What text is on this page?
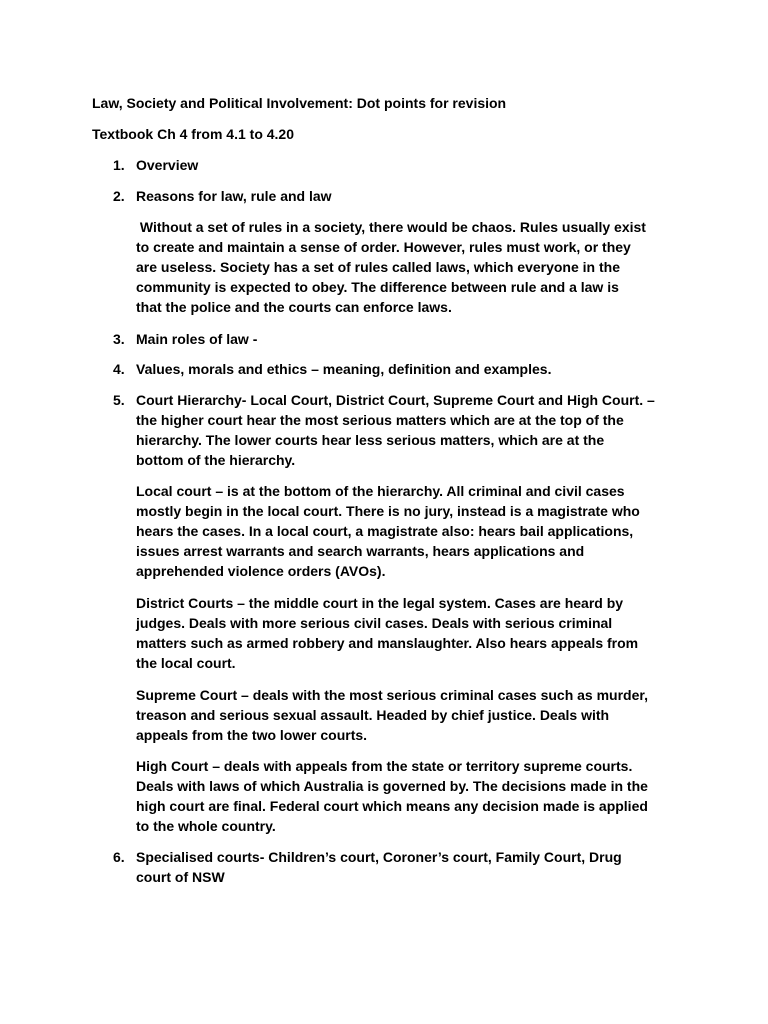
Law, Society and Political Involvement: Dot points for revision
Textbook Ch 4 from 4.1 to 4.20
1. Overview
2. Reasons for law, rule and law

Without a set of rules in a society, there would be chaos. Rules usually exist

to create and maintain a sense of order. However, rules must work, or they

are useless. Society has a set of rules called laws, which everyone in the

community is expected to obey. The difference between rule and a law is

that the police and the courts can enforce laws.

3. Main roles of law -
4. Values, morals and ethics – meaning, definition and examples.
5. Court Hierarchy- Local Court, District Court, Supreme Court and High Court. –

the higher court hear the most serious matters which are at the top of the

hierarchy. The lower courts hear less serious matters, which are at the

bottom of the hierarchy.

Local court – is at the bottom of the hierarchy. All criminal and civil cases

mostly begin in the local court. There is no jury, instead is a magistrate who

hears the cases. In a local court, a magistrate also: hears bail applications,

issues arrest warrants and search warrants, hears applications and

apprehended violence orders (AVOs).

District Courts – the middle court in the legal system. Cases are heard by

judges. Deals with more serious civil cases. Deals with serious criminal

matters such as armed robbery and manslaughter. Also hears appeals from

the local court.

Supreme Court – deals with the most serious criminal cases such as murder,

treason and serious sexual assault. Headed by chief justice. Deals with

appeals from the two lower courts.

High Court – deals with appeals from the state or territory supreme courts.

Deals with laws of which Australia is governed by. The decisions made in the

high court are final. Federal court which means any decision made is applied

to the whole country.

6. Specialised courts- Children’s court, Coroner’s court, Family Court, Drug

court of NSW
